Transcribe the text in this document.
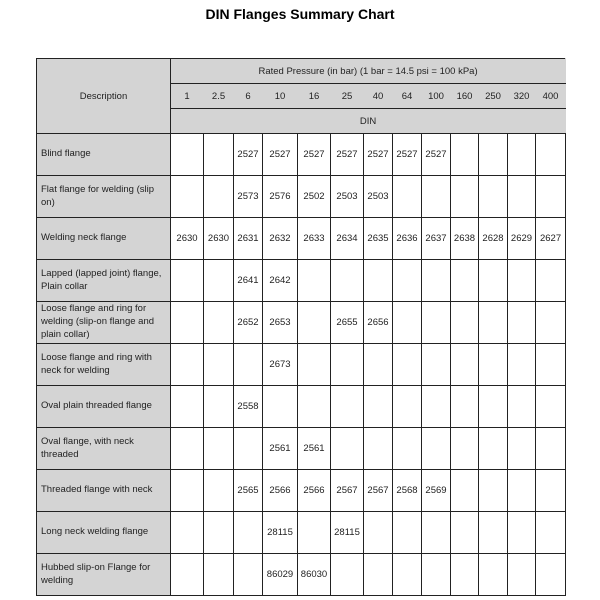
DIN Flanges Summary Chart
Description	Rated Pressure (in bar) (1 bar = 14.5 psi = 100 kPa)												
	1	2.5	6	10	16	25	40	64	100	160	250	320	400
	DIN												
Blind flange			2527	2527	2527	2527	2527	2527	2527				
Flat flange for welding (slip on)			2573	2576	2502	2503	2503						
Welding neck flange	2630	2630	2631	2632	2633	2634	2635	2636	2637	2638	2628	2629	2627
Lapped (lapped joint) flange, Plain collar			2641	2642									
Loose flange and ring for welding (slip-on flange and plain collar)			2652	2653		2655	2656						
Loose flange and ring with neck for welding				2673									
Oval plain threaded flange			2558										
Oval flange, with neck threaded				2561	2561								
Threaded flange with neck			2565	2566	2566	2567	2567	2568	2569				
Long neck welding flange				28115		28115							
Hubbed slip-on Flange for welding				86029	86030								
